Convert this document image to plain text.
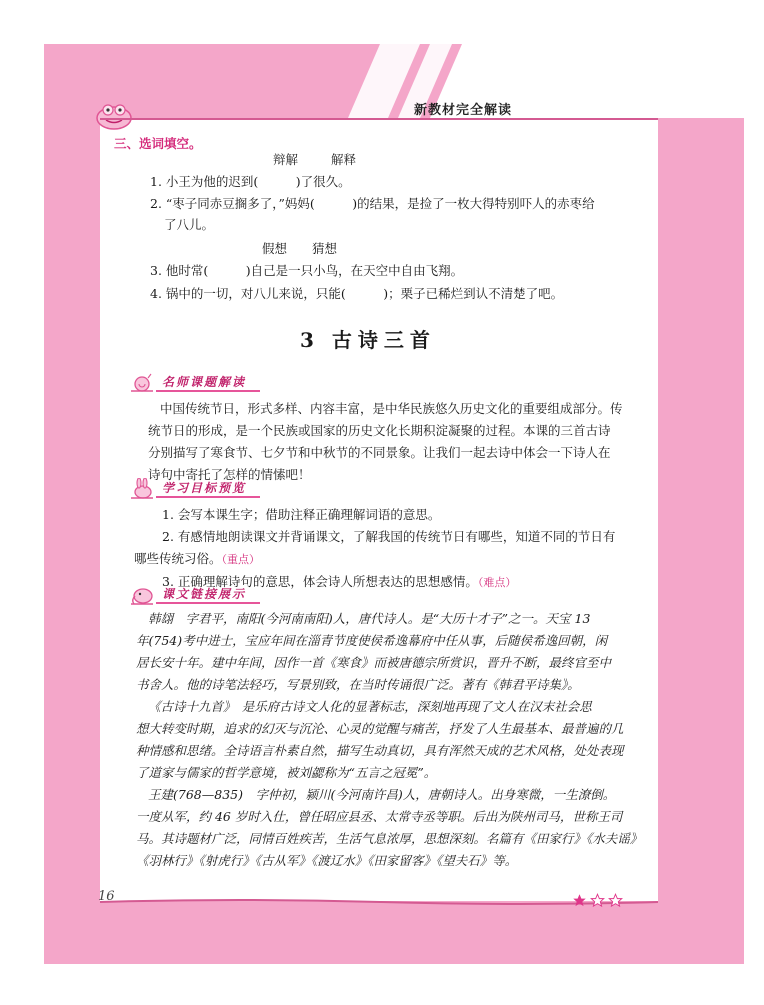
新教材完全解读
三、选词填空。
辩解	解释
1. 小王为他的迟到(　　　)了很久。
2. “枣子同赤豆搁多了，”妈妈(　　　)的结果，是捡了一枚大得特别吓人的赤枣给
了八儿。
假想 猜想
3. 他时常(　　　)自己是一只小鸟，在天空中自由飞翔。
4. 锅中的一切，对八儿来说，只能(　　　)；栗子已稀烂到认不清楚了吧。
3 古诗三首
名师课题解读

中国传统节日，形式多样、内容丰富，是中华民族悠久历史文化的重要组成部分。传

统节日的形成，是一个民族或国家的历史文化长期积淀凝聚的过程。本课的三首古诗

分别描写了寒食节、七夕节和中秋节的不同景象。让我们一起去诗中体会一下诗人在

诗句中寄托了怎样的情愫吧！

学习目标预览

1. 会写本课生字；借助注释正确理解词语的意思。

2. 有感情地朗读课文并背诵课文，了解我国的传统节日有哪些，知道不同的节日有

哪些传统习俗。（重点）

3. 正确理解诗句的意思，体会诗人所想表达的思想感情。（难点）

课文链接展示

韩翃　字君平，南阳(今河南南阳)人，唐代诗人。是“大历十才子”之一。天宝 13

年(754)考中进士，宝应年间在淄青节度使侯希逸幕府中任从事，后随侯希逸回朝，闲

居长安十年。建中年间，因作一首《寒食》而被唐德宗所赏识，晋升不断，最终官至中

书舍人。他的诗笔法轻巧，写景别致，在当时传诵很广泛。著有《韩君平诗集》。

《古诗十九首》　是乐府古诗文人化的显著标志，深刻地再现了文人在汉末社会思

想大转变时期，追求的幻灭与沉沦、心灵的觉醒与痛苦，抒发了人生最基本、最普遍的几

种情感和思绪。全诗语言朴素自然，描写生动真切，具有浑然天成的艺术风格，处处表现

了道家与儒家的哲学意境，被刘勰称为“五言之冠冕”。

王建(768—835)　字仲初，颍川(今河南许昌)人，唐朝诗人。出身寒微，一生潦倒。

一度从军，约 46 岁时入仕，曾任昭应县丞、太常寺丞等职。后出为陕州司马，世称王司

马。其诗题材广泛，同情百姓疾苦，生活气息浓厚，思想深刻。名篇有《田家行》《水夫谣》

《羽林行》《射虎行》《古从军》《渡辽水》《田家留客》《望夫石》等。

16
